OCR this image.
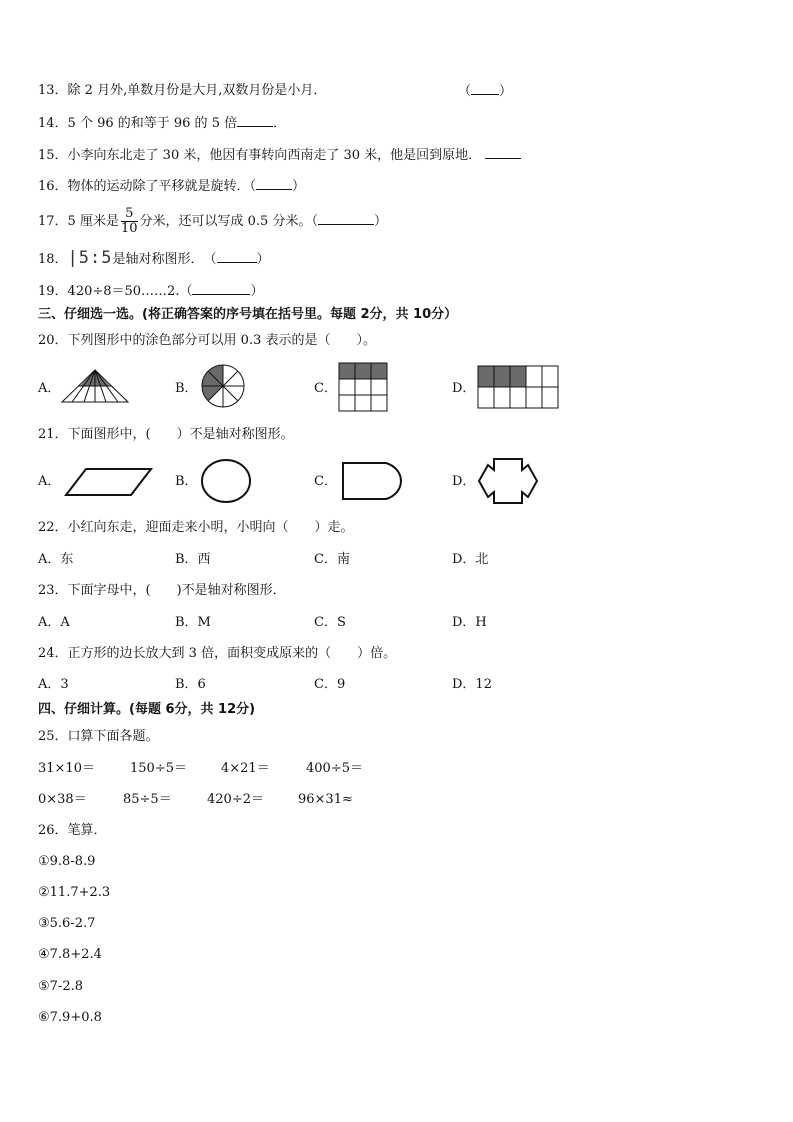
13．除 2 月外,单数月份是大月,双数月份是小月．	（ ）
14．5 个 96 的和等于 96 的 5 倍	．
15．小李向东北走了 30 米，他因有事转向西南走了 30 米，他是回到原地．
16．物体的运动除了平移就是旋转．（	）
17．5 厘米是 $\frac{5}{10}$ 分米，还可以写成 0.5 分米。（	）
18．|5:5是轴对称图形．　（	）
19．420÷8＝50……2.（	）
三、仔细选一选。(将正确答案的序号填在括号里。每题 2分，共 10分）
20．下列图形中的涂色部分可以用 0.3 表示的是（　　）。
A．	B．	C．	D．
21．下面图形中，(　　）不是轴对称图形。
A．	B．	C．	D．
22．小红向东走，迎面走来小明，小明向（　　）走。
A．东	B．西	C．南	D．北
23．下面字母中，(　　)不是轴对称图形．
A．A	B．M	C．S	D．H
24．正方形的边长放大到 3 倍，面积变成原来的（　　）倍。
A．3	B．6	C．9	D．12
四、仔细计算。(每题 6分，共 12分)
25．口算下面各题。
31×10＝	150÷5＝	4×21＝	400÷5＝
0×38＝	85÷5＝	420÷2＝	96×31≈
26．笔算．
①9.8-8.9
②11.7+2.3
③5.6-2.7
④7.8+2.4
⑤7-2.8
⑥7.9+0.8
